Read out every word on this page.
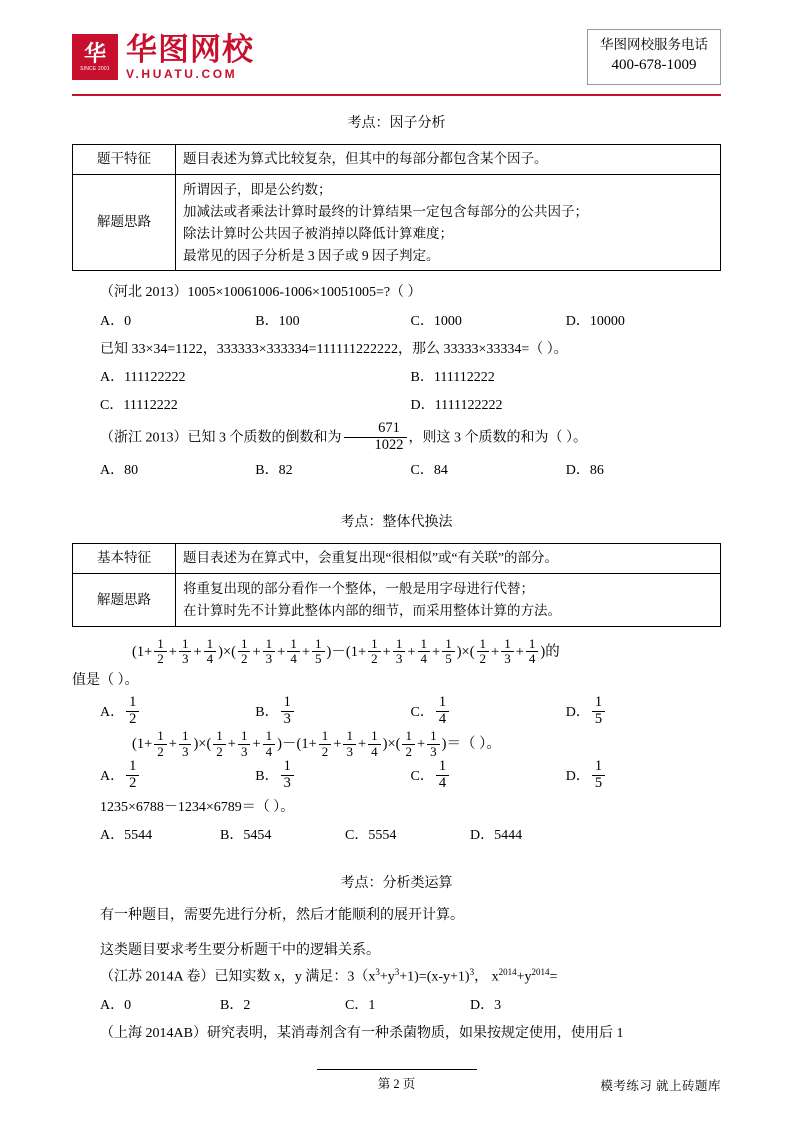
华
SINCE 2001
华图网校
V.HUATU.COM
华图网校服务电话
400-678-1009
考点：因子分析
题干特征	题目表述为算式比较复杂，但其中的每部分都包含某个因子。
解题思路	所谓因子，即是公约数；
加减法或者乘法计算时最终的计算结果一定包含每部分的公共因子；
除法计算时公共因子被消掉以降低计算难度；
最常见的因子分析是 3 因子或 9 因子判定。
（河北 2013）1005×10061006-1006×10051005=?（ ）
A．0	B．100	C．1000	D．10000
已知 33×34=1122，333333×333334=111111222222，那么 33333×33334=（ ）。
A．111122222	B．111112222
C．11112222	D．1111122222
（浙江 2013）已知 3 个质数的倒数和为 $\frac{671}{1022}$ ，则这 3 个质数的和为（ ）。
A．80	B．82	C．84	D．86
考点：整体代换法
基本特征	题目表述为在算式中，会重复出现“很相似”或“有关联”的部分。
解题思路	将重复出现的部分看作一个整体，一般是用字母进行代替；
在计算时先不计算此整体内部的细节，而采用整体计算的方法。
($1+ \frac{1}{2} + \frac{1}{3} + \frac{1}{4}$ )×( $\frac{1}{2} + \frac{1}{3} + \frac{1}{4} + \frac{1}{5} )-(1+ \frac{1}{2} + \frac{1}{3} + \frac{1}{4} + \frac{1}{5}$ )×( $\frac{1}{2} + \frac{1}{3} + \frac{1}{4}$ )的
值是（ ）。
A． $\frac{1}{2}$	B． $\frac{1}{3}$	C． $\frac{1}{4}$	D． $\frac{1}{5}$
($1+ \frac{1}{2} + \frac{1}{3}$ )×( $\frac{1}{2} + \frac{1}{3} + \frac{1}{4} )-(1+ \frac{1}{2} + \frac{1}{3} + \frac{1}{4}$ )×( $\frac{1}{2} + \frac{1}{3}$ )＝（ ）。
A． $\frac{1}{2}$	B． $\frac{1}{3}$	C． $\frac{1}{4}$	D． $\frac{1}{5}$
1235×6788－1234×6789＝（ ）。
A．5544	B．5454	C．5554	D．5444
考点：分析类运算
有一种题目，需要先进行分析，然后才能顺利的展开计算。
这类题目要求考生要分析题干中的逻辑关系。
（江苏 2014A 卷）已知实数 x，y 满足：$3(x^3+y^3+1)=(x-y+1)^3$， $x^{2014}+y^{2014}=$
A．0	B．2	C．1	D．3
（上海 2014AB）研究表明，某消毒剂含有一种杀菌物质，如果按规定使用，使用后 1
第 2 页	模考练习 就上砖题库
